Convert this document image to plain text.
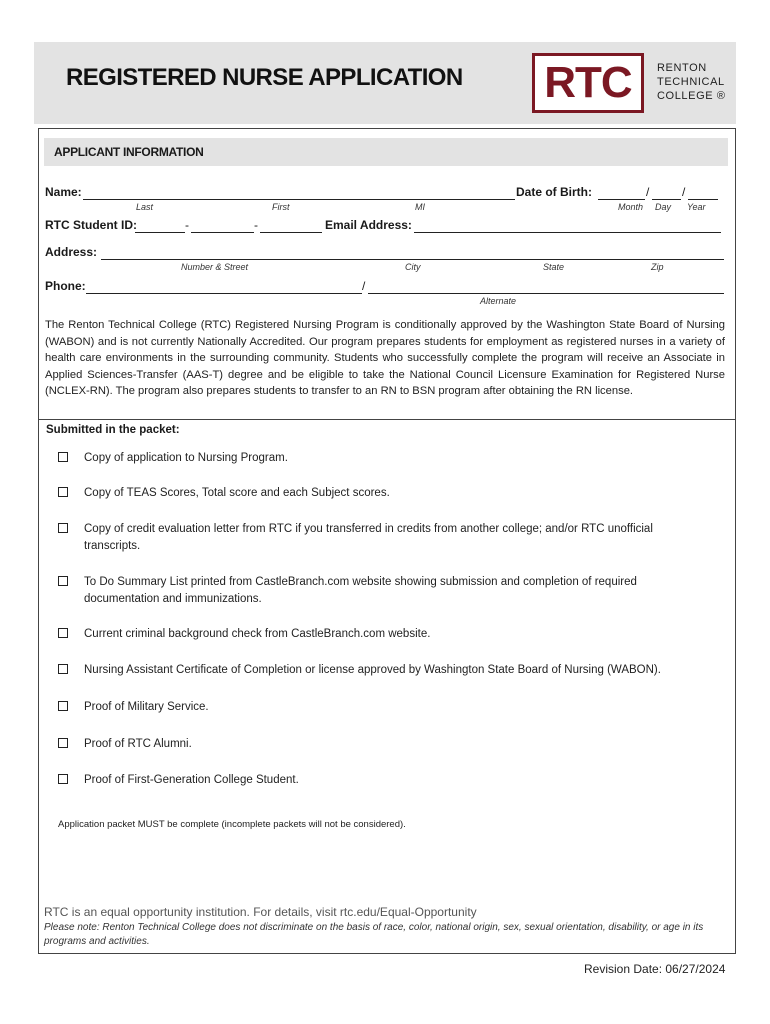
REGISTERED NURSE APPLICATION RTC RENTON
TECHNICAL
COLLEGE ®
APPLICANT INFORMATION
Name:
Last	First	MI
Date of Birth:	/	/
Month Day Year
RTC Student ID:	-	-	Email Address:
Address:
Number & Street	City	State	Zip
Phone:	/
Alternate
The Renton Technical College (RTC) Registered Nursing Program is conditionally approved by the Washington State Board of Nursing (WABON) and is not currently Nationally Accredited. Our program prepares students for employment as registered nurses in a variety of health care environments in the surrounding community. Students who successfully complete the program will receive an Associate in Applied Sciences-Transfer (AAS-T) degree and be eligible to take the National Council Licensure Examination for Registered Nurse (NCLEX-RN). The program also prepares students to transfer to an RN to BSN program after obtaining the RN license.
Submitted in the packet:
Copy of application to Nursing Program.
Copy of TEAS Scores, Total score and each Subject scores.
Copy of credit evaluation letter from RTC if you transferred in credits from another college; and/or RTC unofficial transcripts.
To Do Summary List printed from CastleBranch.com website showing submission and completion of required documentation and immunizations.
Current criminal background check from CastleBranch.com website.
Nursing Assistant Certificate of Completion or license approved by Washington State Board of Nursing (WABON).
Proof of Military Service.
Proof of RTC Alumni.
Proof of First-Generation College Student.
Application packet MUST be complete (incomplete packets will not be considered).
RTC is an equal opportunity institution. For details, visit rtc.edu/Equal-Opportunity
Please note: Renton Technical College does not discriminate on the basis of race, color, national origin, sex, sexual orientation, disability, or age in its programs and activities.
Revision Date: 06/27/2024
